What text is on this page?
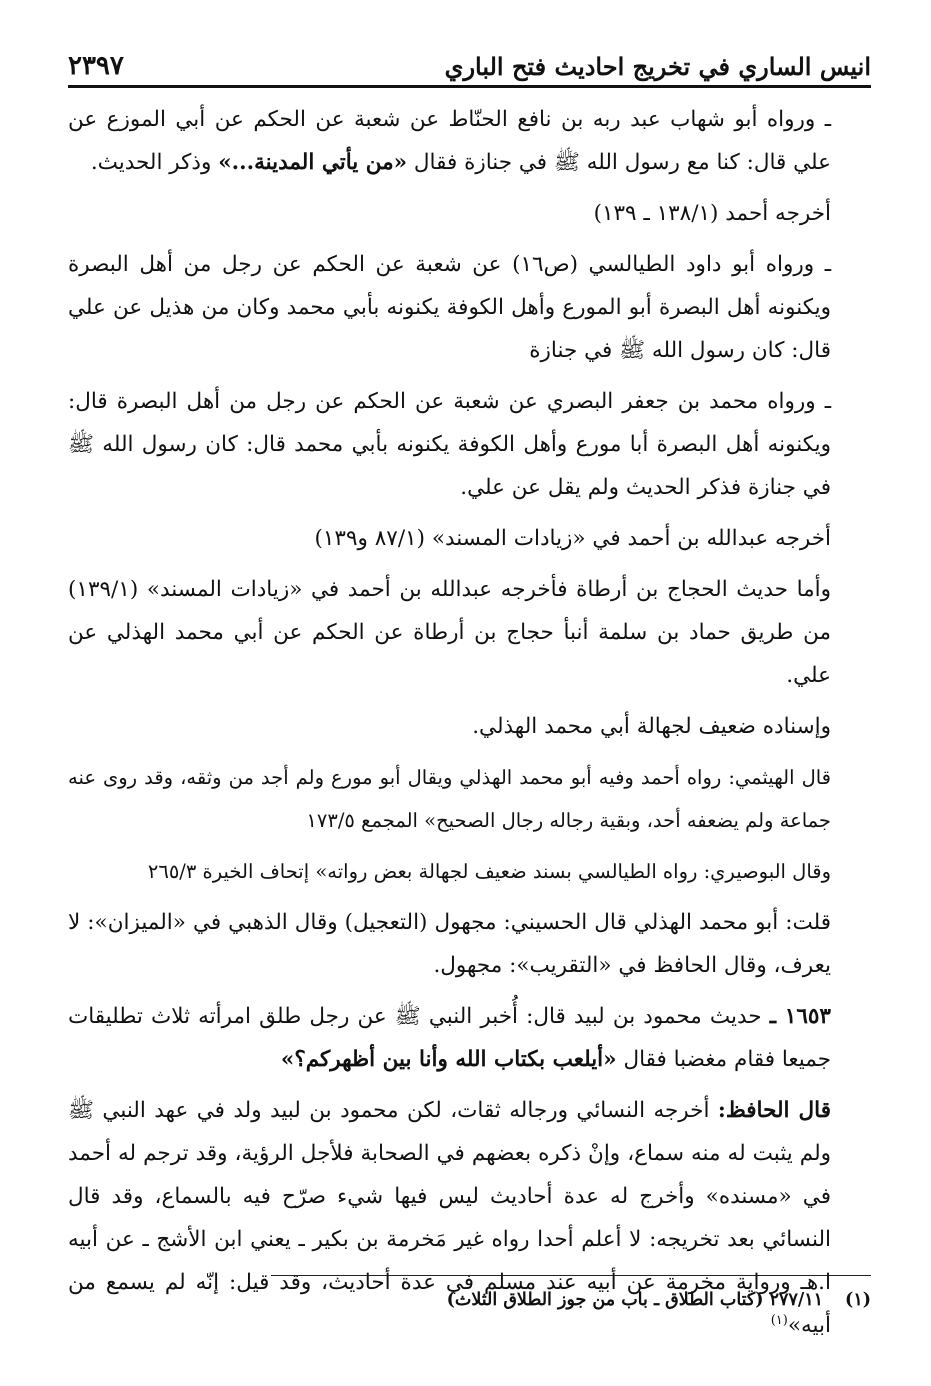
انيس الساري في تخريج احاديث فتح الباري
٢٣٩٧

ـ ورواه أبو شهاب عبد ربه بن نافع الحنّاط عن شعبة عن الحكم عن أبي الموزع عن علي قال: كنا مع رسول الله ﷺ في جنازة فقال «من يأتي المدينة...» وذكر الحديث.

أخرجه أحمد (١٣٨/١ ـ ١٣٩)

ـ ورواه أبو داود الطيالسي (ص١٦) عن شعبة عن الحكم عن رجل من أهل البصرة ويكنونه أهل البصرة أبو المورع وأهل الكوفة يكنونه بأبي محمد وكان من هذيل عن علي قال: كان رسول الله ﷺ في جنازة

ـ ورواه محمد بن جعفر البصري عن شعبة عن الحكم عن رجل من أهل البصرة قال: ويكنونه أهل البصرة أبا مورع وأهل الكوفة يكنونه بأبي محمد قال: كان رسول الله ﷺ في جنازة فذكر الحديث ولم يقل عن علي.

أخرجه عبدالله بن أحمد في «زيادات المسند» (٨٧/١ و١٣٩)

وأما حديث الحجاج بن أرطاة فأخرجه عبدالله بن أحمد في «زيادات المسند» (١٣٩/١) من طريق حماد بن سلمة أنبأ حجاج بن أرطاة عن الحكم عن أبي محمد الهذلي عن علي.

وإسناده ضعيف لجهالة أبي محمد الهذلي.

قال الهيثمي: رواه أحمد وفيه أبو محمد الهذلي ويقال أبو مورع ولم أجد من وثقه، وقد روى عنه جماعة ولم يضعفه أحد، وبقية رجاله رجال الصحيح» المجمع ١٧٣/٥

وقال البوصيري: رواه الطيالسي بسند ضعيف لجهالة بعض رواته» إتحاف الخيرة ٢٦٥/٣

قلت: أبو محمد الهذلي قال الحسيني: مجهول (التعجيل) وقال الذهبي في «الميزان»: لا يعرف، وقال الحافظ في «التقريب»: مجهول.

١٦٥٣ ـ حديث محمود بن لبيد قال: أُخبر النبي ﷺ عن رجل طلق امرأته ثلاث تطليقات جميعا فقام مغضبا فقال «أيلعب بكتاب الله وأنا بين أظهركم؟»

قال الحافظ: أخرجه النسائي ورجاله ثقات، لكن محمود بن لبيد ولد في عهد النبي ﷺ ولم يثبت له منه سماع، وإنْ ذكره بعضهم في الصحابة فلأجل الرؤية، وقد ترجم له أحمد في «مسنده» وأخرج له عدة أحاديث ليس فيها شيء صرّح فيه بالسماع، وقد قال النسائي بعد تخريجه: لا أعلم أحدا رواه غير مَخرمة بن بكير ـ يعني ابن الأشج ـ عن أبيه ا.هـ ورواية مخرمة عن أبيه عند مسلم في عدة أحاديث، وقد قيل: إنّه لم يسمع من أبيه»$^{(١)}$

(١)
٢٧٧/١١ (كتاب الطلاق ـ باب من جوز الطلاق الثلاث)
